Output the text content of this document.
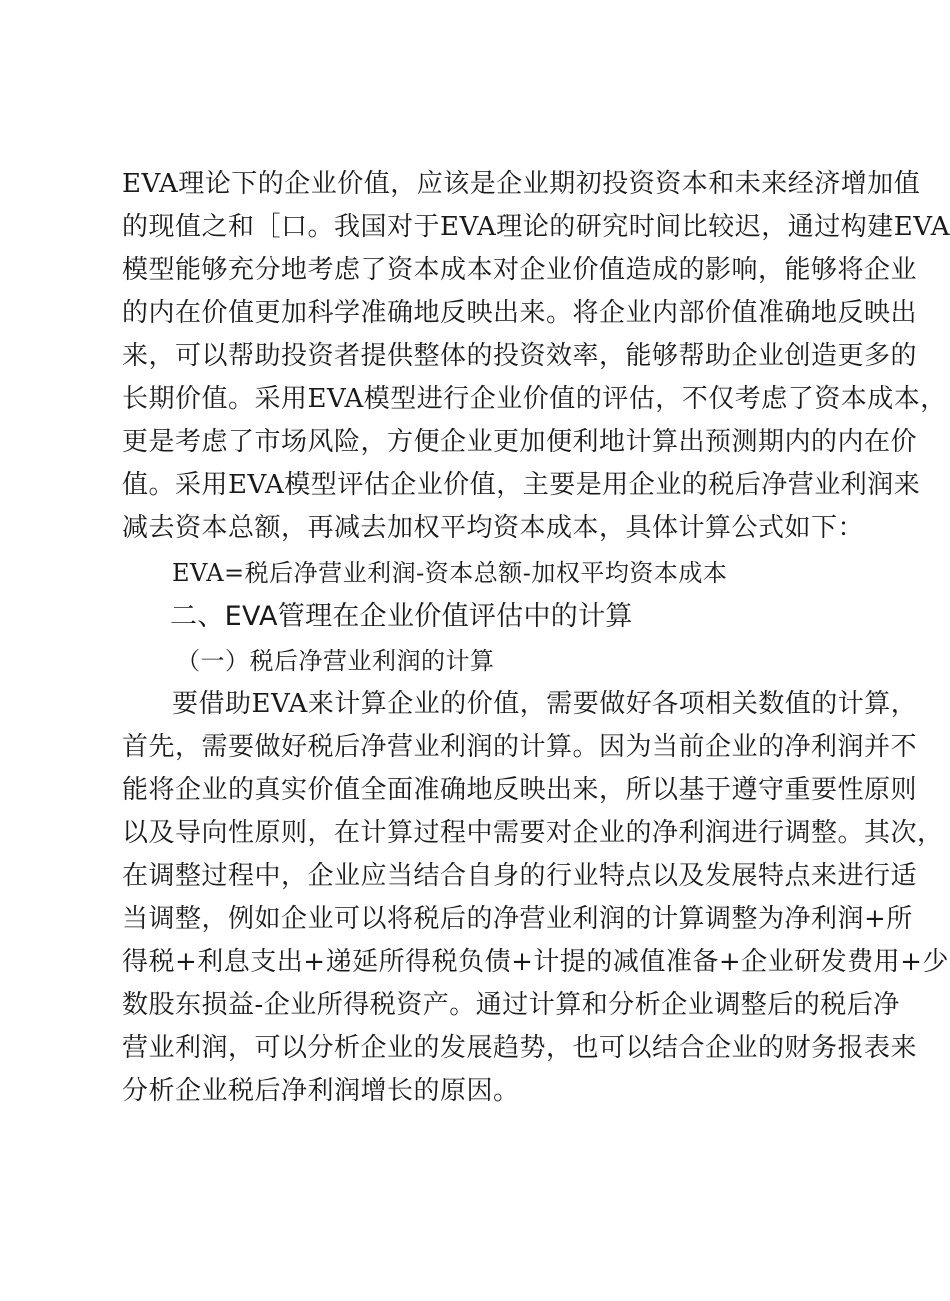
EVA理论下的企业价值，应该是企业期初投资资本和未来经济增加值
的现值之和［口。我国对于EVA理论的研究时间比较迟，通过构建EVA
模型能够充分地考虑了资本成本对企业价值造成的影响，能够将企业
的内在价值更加科学准确地反映出来。将企业内部价值准确地反映出
来，可以帮助投资者提供整体的投资效率，能够帮助企业创造更多的
长期价值。采用EVA模型进行企业价值的评估，不仅考虑了资本成本，
更是考虑了市场风险，方便企业更加便利地计算出预测期内的内在价
值。采用EVA模型评估企业价值，主要是用企业的税后净营业利润来
减去资本总额，再减去加权平均资本成本，具体计算公式如下：
EVA=税后净营业利润-资本总额-加权平均资本成本
二、EVA管理在企业价值评估中的计算
（一）税后净营业利润的计算
要借助EVA来计算企业的价值，需要做好各项相关数值的计算，
首先，需要做好税后净营业利润的计算。因为当前企业的净利润并不
能将企业的真实价值全面准确地反映出来，所以基于遵守重要性原则
以及导向性原则，在计算过程中需要对企业的净利润进行调整。其次，
在调整过程中，企业应当结合自身的行业特点以及发展特点来进行适
当调整，例如企业可以将税后的净营业利润的计算调整为净利润+所
得税+利息支出+递延所得税负债+计提的减值准备+企业研发费用+少
数股东损益-企业所得税资产。通过计算和分析企业调整后的税后净
营业利润，可以分析企业的发展趋势，也可以结合企业的财务报表来
分析企业税后净利润增长的原因。
